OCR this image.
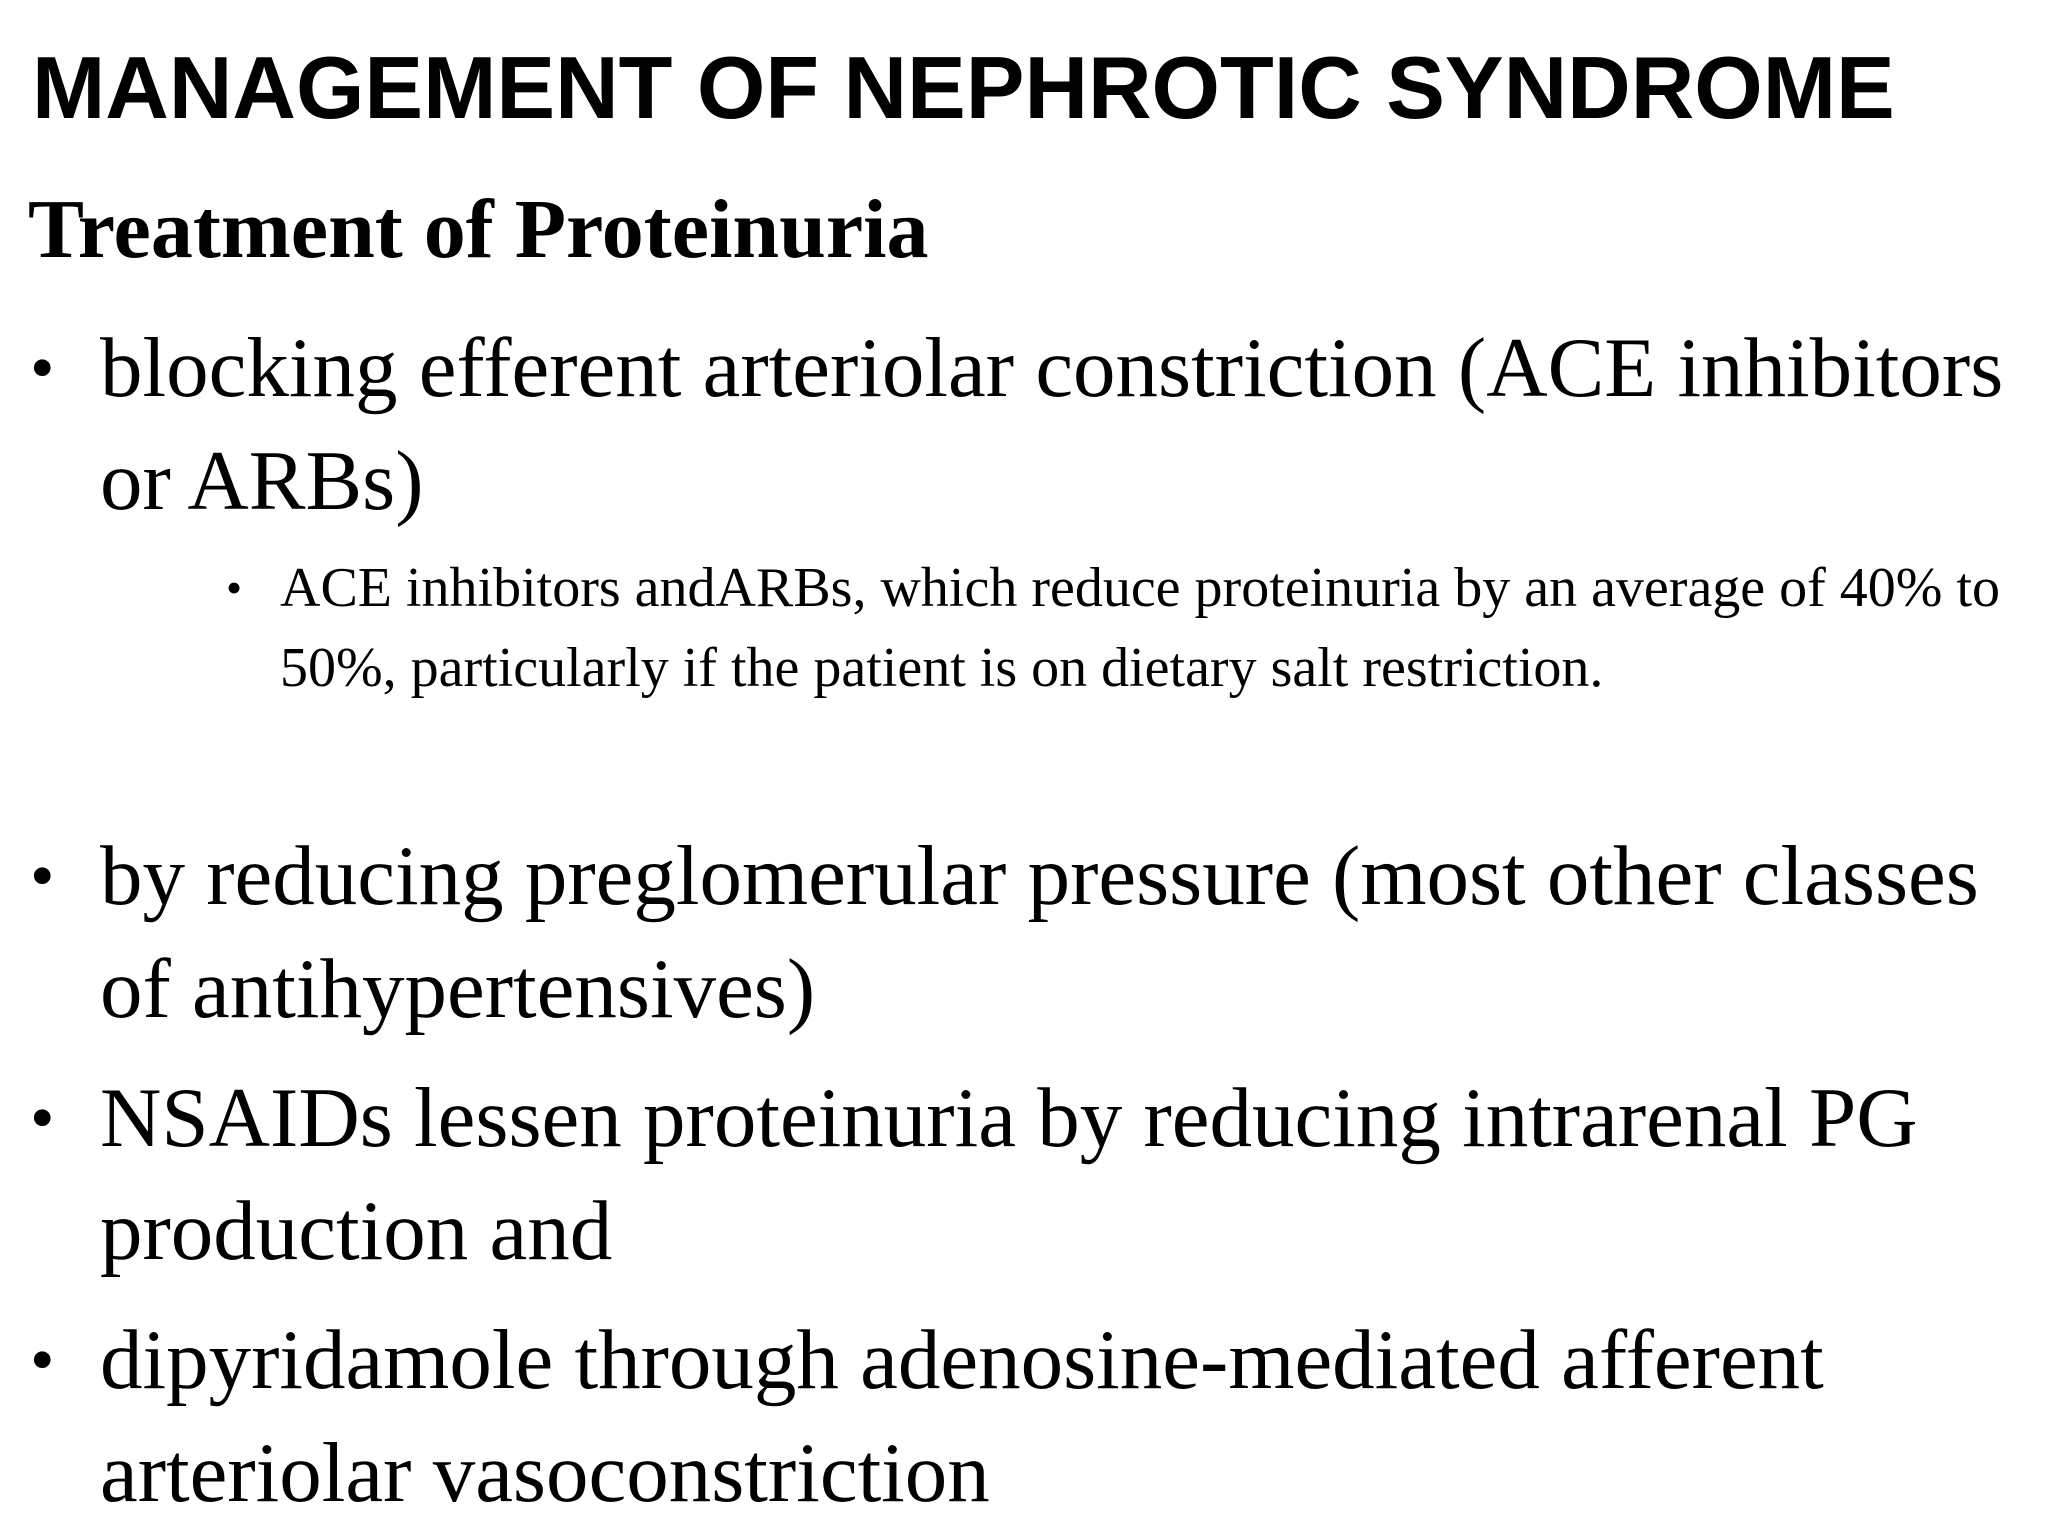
MANAGEMENT OF NEPHROTIC SYNDROME
Treatment of Proteinuria
• blocking efferent arteriolar constriction (ACE inhibitors or ARBs)
• ACE inhibitors andARBs, which reduce proteinuria by an average of 40% to 50%, particularly if the patient is on dietary salt restriction.
• by reducing preglomerular pressure (most other classes of antihypertensives)
• NSAIDs lessen proteinuria by reducing intrarenal PG production and
• dipyridamole through adenosine-mediated afferent arteriolar vasoconstriction
